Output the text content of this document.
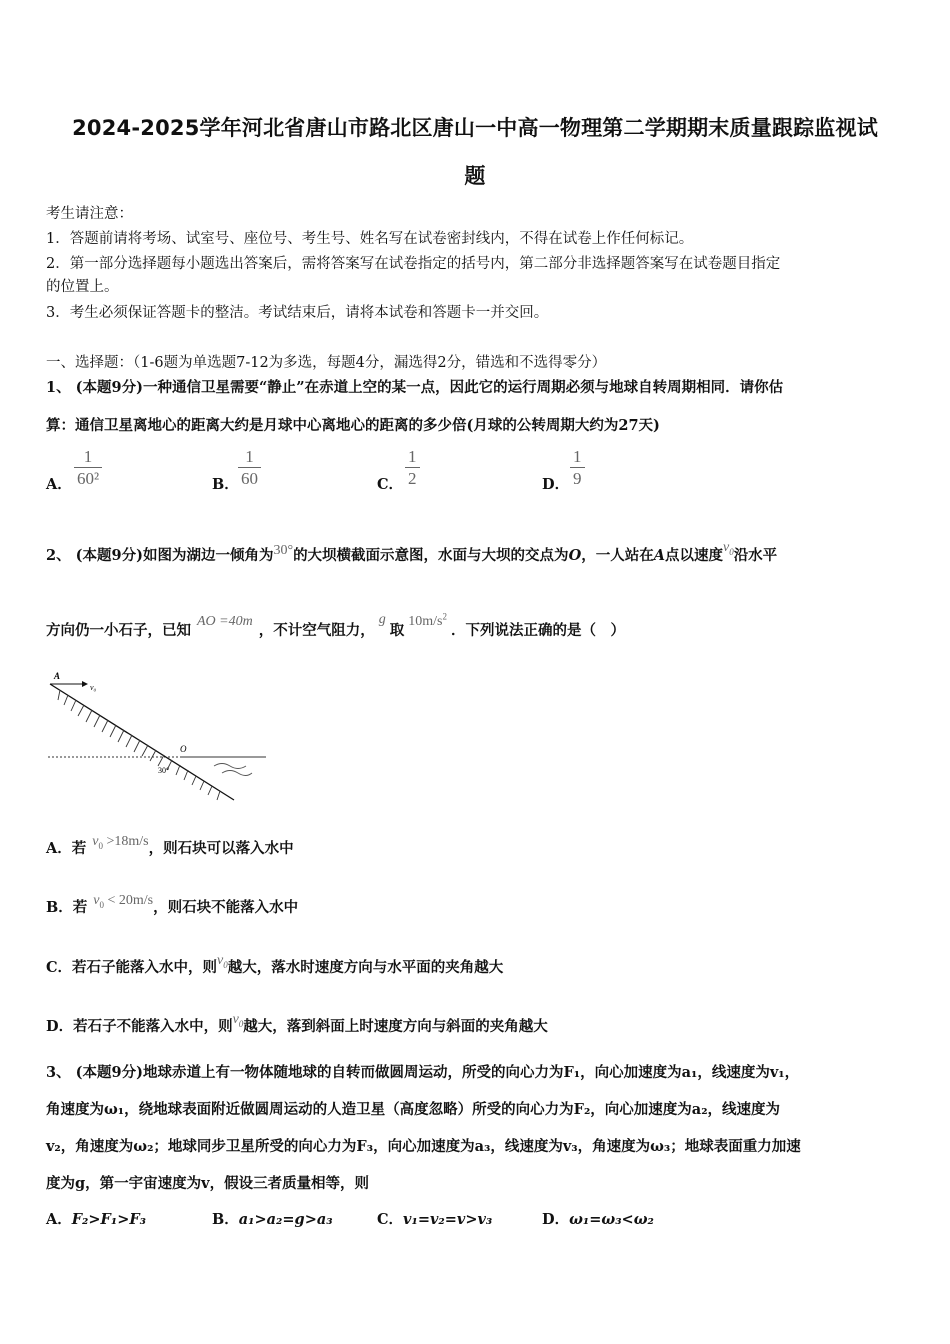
2024-2025学年河北省唐山市路北区唐山一中高一物理第二学期期末质量跟踪监视试
题
考生请注意：
1．答题前请将考场、试室号、座位号、考生号、姓名写在试卷密封线内，不得在试卷上作任何标记。
2．第一部分选择题每小题选出答案后，需将答案写在试卷指定的括号内，第二部分非选择题答案写在试卷题目指定
的位置上。
3．考生必须保证答题卡的整洁。考试结束后，请将本试卷和答题卡一并交回。
一、选择题：（1-6题为单选题7-12为多选，每题4分，漏选得2分，错选和不选得零分）
1、 (本题9分)一种通信卫星需要“静止”在赤道上空的某一点，因此它的运行周期必须与地球自转周期相同．请你估
算：通信卫星离地心的距离大约是月球中心离地心的距离的多少倍(月球的公转周期大约为27天)
A． $\frac{1}{\text{60²}}$	B． $\frac{1}{60}$	C． $\frac{1}{2}$	D． $\frac{1}{9}$
2、 (本题9分)如图为湖边一倾角为30°的大坝横截面示意图，水面与大坝的交点为O，一人站在A点以速度$v_0$沿水平
方向仍一小石子，已知AO =40m，不计空气阻力，g取$10m/s^2$．下列说法正确的是（　）
A
v₀
O
30°
A．若 $v_0 >18m/s$，则石块可以落入水中
B．若 $v_0 < 20m/s$，则石块不能落入水中
C．若石子能落入水中，则$v_0$越大，落水时速度方向与水平面的夹角越大
D．若石子不能落入水中，则$v_0$越大，落到斜面上时速度方向与斜面的夹角越大
3、 (本题9分)地球赤道上有一物体随地球的自转而做圆周运动，所受的向心力为F₁，向心加速度为a₁，线速度为v₁，
角速度为ω₁，绕地球表面附近做圆周运动的人造卫星（高度忽略）所受的向心力为F₂，向心加速度为a₂，线速度为
v₂，角速度为ω₂；地球同步卫星所受的向心力为F₃，向心加速度为a₃，线速度为v₃，角速度为ω₃；地球表面重力加速
度为g，第一宇宙速度为v，假设三者质量相等，则
A．F₂>F₁>F₃	B．a₁>a₂=g>a₃	C．v₁=v₂=v>v₃	D．ω₁=ω₃<ω₂
